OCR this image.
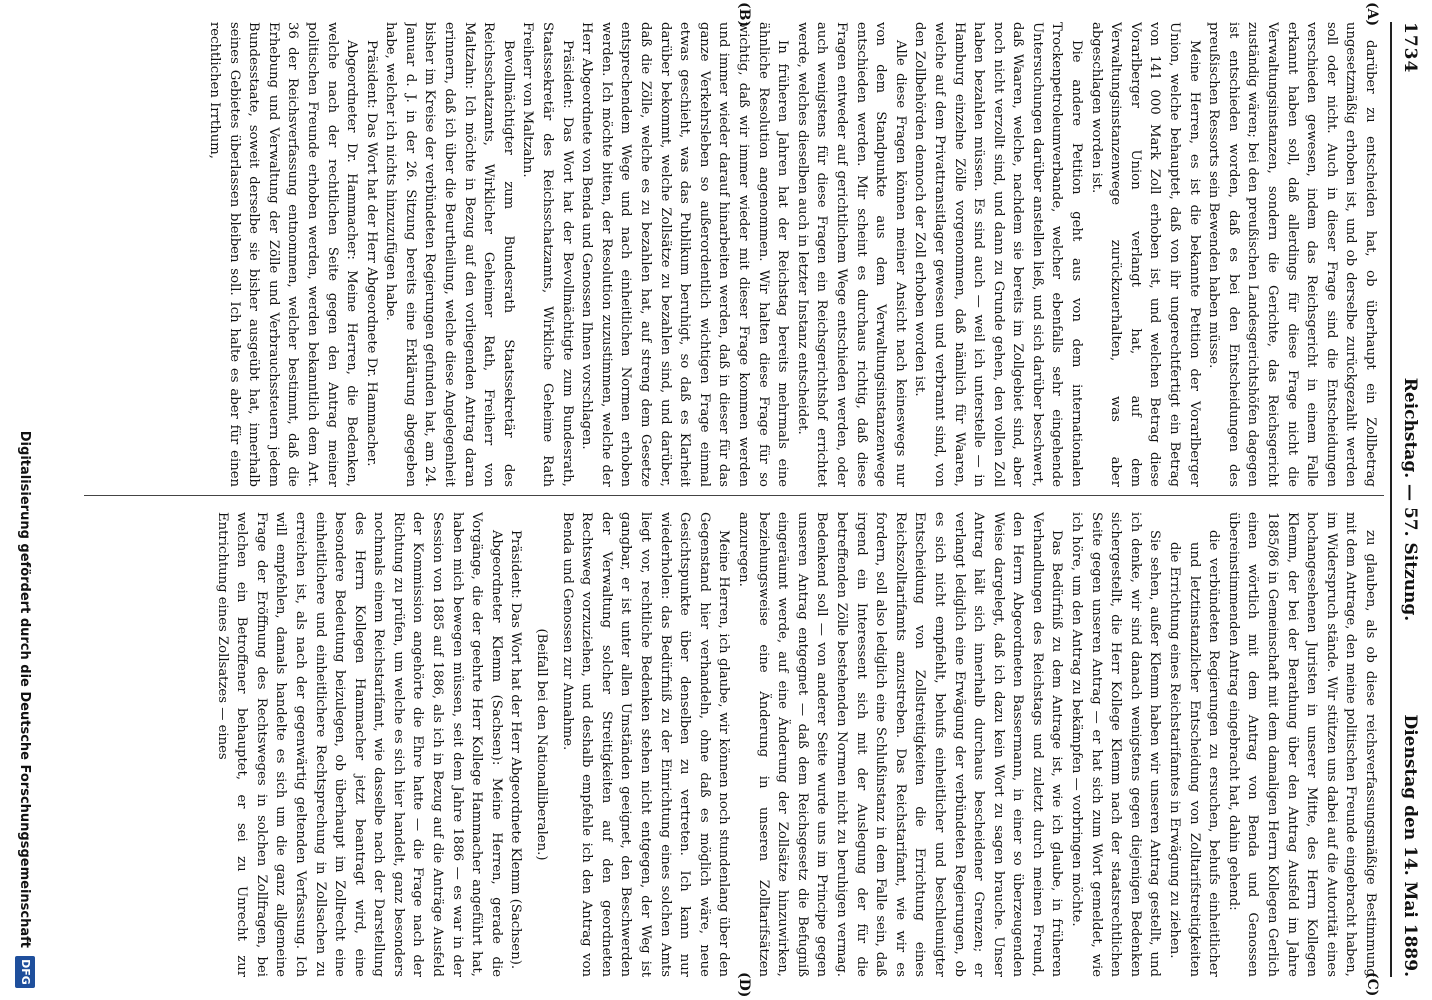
1734
Reichstag. — 57. Sitzung.
Dienstag den 14. Mai 1889.
(A)
(B)
(C)
(D)

darüber zu entscheiden hat, ob überhaupt ein Zollbetrag ungesetzmäßig erhoben ist, und ob derselbe zurückgezahlt werden soll oder nicht. Auch in dieser Frage sind die Entscheidungen verschieden gewesen, indem das Reichsgericht in einem Falle erkannt haben soll, daß allerdings für diese Frage nicht die Verwaltungsinstanzen, sondern die Gerichte, das Reichsgericht zuständig wären; bei den preußischen Landesgerichtshöfen dagegen ist entschieden worden, daß es bei den Entscheidungen des preußischen Ressorts sein Bewenden haben müsse.

Meine Herren, es ist die bekannte Petition der Vorarlberger Union, welche behauptet, daß von ihr ungerechtfertigt ein Betrag von 141 000 Mark Zoll erhoben ist, und welchen Betrag diese Vorarlberger Union verlangt hat, auf dem Verwaltungsinstanzenwege zurückzuerhalten, was aber abgeschlagen worden ist.

Die andere Petition geht aus von dem internationalen Trockenpetroleumverbande, welcher ebenfalls sehr eingehende Untersuchungen darüber anstellen ließ, und sich darüber beschwert, daß Waaren, welche, nachdem sie bereits im Zollgebiet sind, aber noch nicht verzollt sind, und dann zu Grunde gehen, den vollen Zoll haben bezahlen müssen. Es sind auch — weil ich unterstelle — in Hamburg einzelne Zölle vorgenommen, daß nämlich für Waaren, welche auf dem Privattransitlager gewesen und verbrannt sind, von den Zollbehörden dennoch der Zoll erhoben worden ist.

Alle diese Fragen können meiner Ansicht nach keineswegs nur von dem Standpunkte aus dem Verwaltungsinstanzenwege entschieden werden. Mir scheint es durchaus richtig, daß diese Fragen entweder auf gerichtlichem Wege entschieden werden, oder auch wenigstens für diese Fragen ein Reichsgerichtshof errichtet werde, welches dieselben auch in letzter Instanz entscheidet.

In früheren Jahren hat der Reichstag bereits mehrmals eine ähnliche Resolution angenommen. Wir halten diese Frage für so wichtig, daß wir immer wieder mit dieser Frage kommen werden und immer wieder darauf hinarbeiten werden, daß in dieser für das ganze Verkehrsleben so außerordentlich wichtigen Frage einmal etwas geschieht, was das Publikum beruhigt, so daß es Klarheit darüber bekommt, welche Zollsätze zu bezahlen sind, und darüber, daß die Zölle, welche es zu bezahlen hat, auf streng dem Gesetze entsprechendem Wege und nach einheitlichen Normen erhoben werden. Ich möchte bitten, der Resolution zuzustimmen, welche der Herr Abgeordnete von Benda und Genossen Ihnen vorschlagen.

Präsident: Das Wort hat der Bevollmächtigte zum Bundesrath, Staatssekretär des Reichsschatzamts, Wirkliche Geheime Rath Freiherr von Maltzahn.

Bevollmächtigter zum Bundesrath Staatssekretär des Reichsschatzamts, Wirklicher Geheimer Rath, Freiherr von Maltzahn: Ich möchte in Bezug auf den vorliegenden Antrag daran erinnern, daß ich über die Beurtheilung, welche diese Angelegenheit bisher im Kreise der verbündeten Regierungen gefunden hat, am 24. Januar d. J. in der 26. Sitzung bereits eine Erklärung abgegeben habe, welcher ich nichts hinzuzufügen habe.

Präsident: Das Wort hat der Herr Abgeordnete Dr. Hammacher.

Abgeordneter Dr. Hammacher: Meine Herren, die Bedenken, welche nach der rechtlichen Seite gegen den Antrag meiner politischen Freunde erhoben werden, werden bekanntlich dem Art. 36 der Reichsverfassung entnommen, welcher bestimmt, daß die Erhebung und Verwaltung der Zölle und Verbrauchssteuern jedem Bundesstaate, soweit derselbe sie bisher ausgeübt hat, innerhalb seines Gebietes überlassen bleiben soll. Ich halte es aber für einen rechtlichen Irrthum,

zu glauben, als ob diese reichsverfassungsmäßige Bestimmung mit dem Antrage, den meine politischen Freunde eingebracht haben, im Widerspruch stände. Wir stützen uns dabei auf die Autorität eines hochangesehenen Juristen in unserer Mitte, des Herrn Kollegen Klemm, der bei der Berathung über den Antrag Ausfeld im Jahre 1885/86 in Gemeinschaft mit dem damaligen Herrn Kollegen Gerlich einen wörtlich mit dem Antrag von Benda und Genossen übereinstimmenden Antrag eingebracht hat, dahin gehend:

die verbündeten Regierungen zu ersuchen, behufs einheitlicher und letztinstanzlicher Entscheidung von Zolltarifstreitigkeiten die Errichtung eines Reichstarifamtes in Erwägung zu ziehen.

Sie sehen, außer Klemm haben wir unseren Antrag gestellt, und ich denke, wir sind danach wenigstens gegen diejenigen Bedenken sichergestellt, die Herr Kollege Klemm nach der staatsrechtlichen Seite gegen unseren Antrag — er hat sich zum Wort gemeldet, wie ich höre, um den Antrag zu bekämpfen — vorbringen möchte.

Das Bedürfniß zu dem Antrage ist, wie ich glaube, in früheren Verhandlungen des Reichstags und zuletzt durch meinen Freund, den Herrn Abgeordneten Bassermann, in einer so überzeugenden Weise dargelegt, daß ich dazu kein Wort zu sagen brauche. Unser Antrag hält sich innerhalb durchaus bescheidener Grenzen; er verlangt lediglich eine Erwägung der verbündeten Regierungen, ob es sich nicht empfiehlt, behufs einheitlicher und beschleunigter Entscheidung von Zollstreitigkeiten die Errichtung eines Reichszolltarifamts anzustreben. Das Reichstarifamt, wie wir es fordern, soll also lediglich eine Schlußinstanz in dem Falle sein, daß irgend ein Interessent sich mit der Auslegung der für die betreffenden Zölle bestehenden Normen nicht zu beruhigen vermag. Bedenkend soll — von anderer Seite wurde uns im Principe gegen unseren Antrag entgegnet — daß dem Reichsgesetz die Befugniß eingeräumt werde, auf eine Änderung der Zollsätze hinzuwirken, beziehungsweise eine Änderung in unseren Zolltarifsätzen anzuregen.

Meine Herren, ich glaube, wir können noch stundenlang über den Gegenstand hier verhandeln, ohne daß es möglich wäre, neue Gesichtspunkte über denselben zu vertreten. Ich kann nur wiederholen: das Bedürfniß zu der Einrichtung eines solchen Amts liegt vor, rechtliche Bedenken stehen nicht entgegen, der Weg ist gangbar, er ist unter allen Umständen geeignet, den Beschwerden der Verwaltung solcher Streitigkeiten auf den geordneten Rechtsweg vorzuziehen, und deshalb empfehle ich den Antrag von Benda und Genossen zur Annahme.

(Beifall bei den Nationalliberalen.)

Präsident: Das Wort hat der Herr Abgeordnete Klemm (Sachsen).

Abgeordneter Klemm (Sachsen): Meine Herren, gerade die Vorgänge, die der geehrte Herr Kollege Hammacher angeführt hat, haben mich bewegen müssen, seit dem Jahre 1886 — es war in der Session von 1885 auf 1886, als ich in Bezug auf die Anträge Ausfeld der Kommission angehörte die Ehre hatte — die Frage nach der Richtung zu prüfen, um welche es sich hier handelt, ganz besonders nochmals einem Reichstarifamt, wie dasselbe nach der Darstellung des Herrn Kollegen Hammacher jetzt beantragt wird, eine besondere Bedeutung beizulegen, ob überhaupt im Zollrecht eine einheitlichere und einheitlichere Rechtsprechung in Zollsachen zu erreichen ist, als nach der gegenwärtig geltenden Verfassung. Ich will empfehlen, damals handelte es sich um die ganz allgemeine Frage der Eröffnung des Rechtsweges in solchen Zollfragen, bei welchen ein Betroffener behauptet, er sei zu Unrecht zur Entrichtung eines Zollsatzes — eines

Digitalisierung gefördert durch die Deutsche Forschungsgemeinschaft
DFG
